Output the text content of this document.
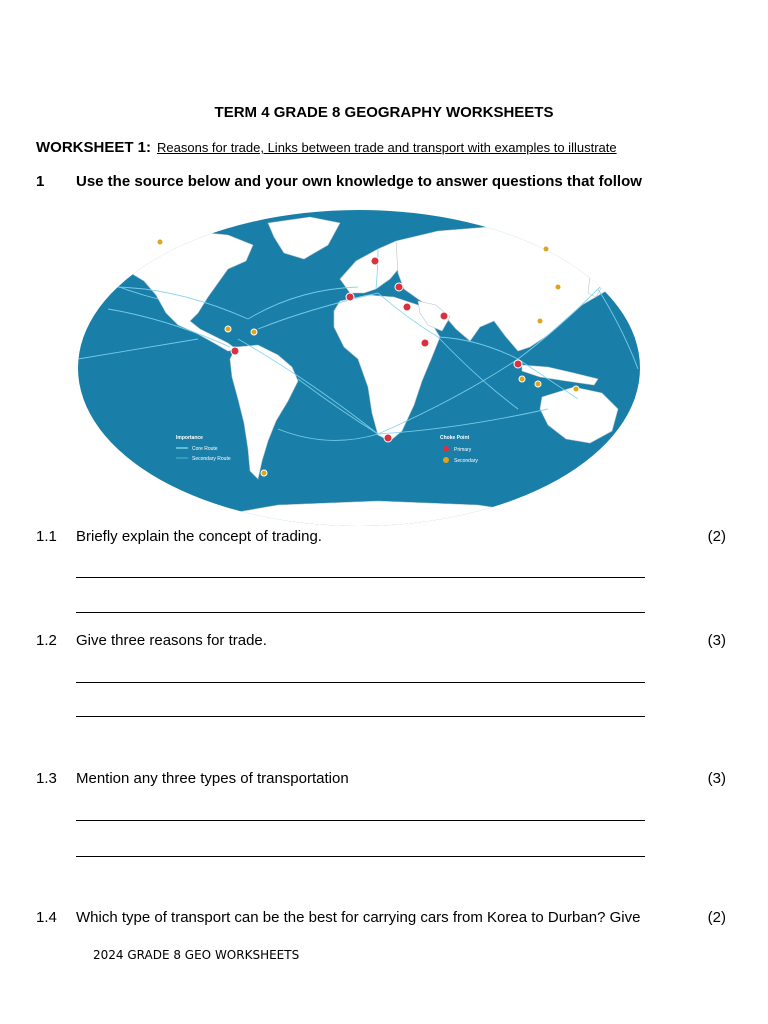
TERM 4 GRADE 8 GEOGRAPHY WORKSHEETS
WORKSHEET 1: Reasons for trade, Links between trade and transport with examples to illustrate
1 Use the source below and your own knowledge to answer questions that follow
Importance
Core Route
Secondary Route
Choke Point
Primary
Secondary
1.1 Briefly explain the concept of trading.	(2)
1.2 Give three reasons for trade.	(3)
1.3 Mention any three types of transportation	(3)
1.4 Which type of transport can be the best for carrying cars from Korea to Durban? Give	(2)
2024 GRADE 8 GEO WORKSHEETS
